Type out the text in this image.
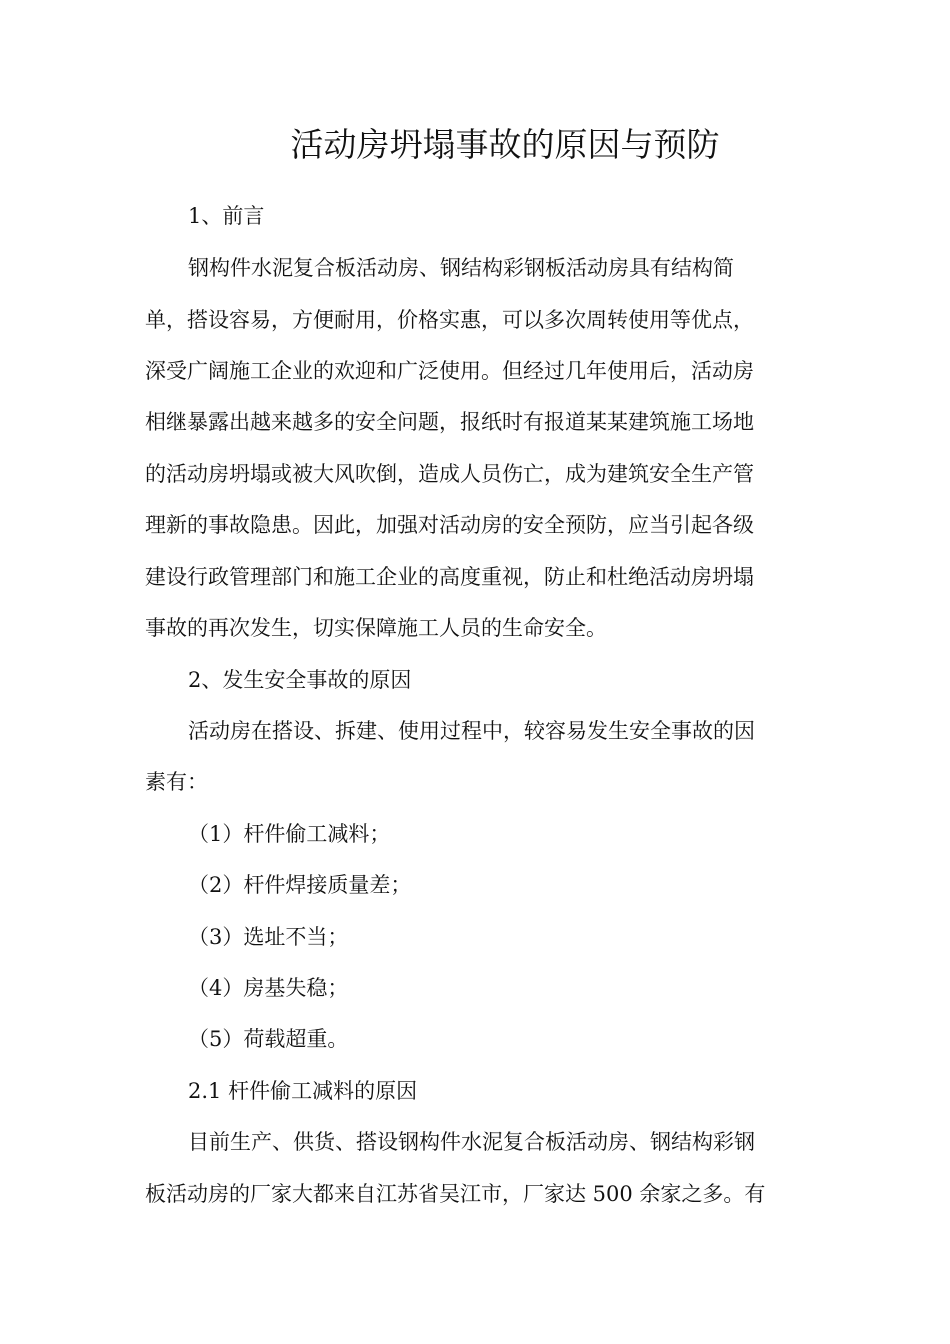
活动房坍塌事故的原因与预防
1、前言
钢构件水泥复合板活动房、钢结构彩钢板活动房具有结构简
单，搭设容易，方便耐用，价格实惠，可以多次周转使用等优点，
深受广阔施工企业的欢迎和广泛使用。但经过几年使用后，活动房
相继暴露出越来越多的安全问题，报纸时有报道某某建筑施工场地
的活动房坍塌或被大风吹倒，造成人员伤亡，成为建筑安全生产管
理新的事故隐患。因此，加强对活动房的安全预防，应当引起各级
建设行政管理部门和施工企业的高度重视，防止和杜绝活动房坍塌
事故的再次发生，切实保障施工人员的生命安全。
2、发生安全事故的原因
活动房在搭设、拆建、使用过程中，较容易发生安全事故的因
素有：
（1）杆件偷工减料；
（2）杆件焊接质量差；
（3）选址不当；
（4）房基失稳；
（5）荷载超重。
2.1 杆件偷工减料的原因
目前生产、供货、搭设钢构件水泥复合板活动房、钢结构彩钢
板活动房的厂家大都来自江苏省吴江市，厂家达 500 余家之多。有
